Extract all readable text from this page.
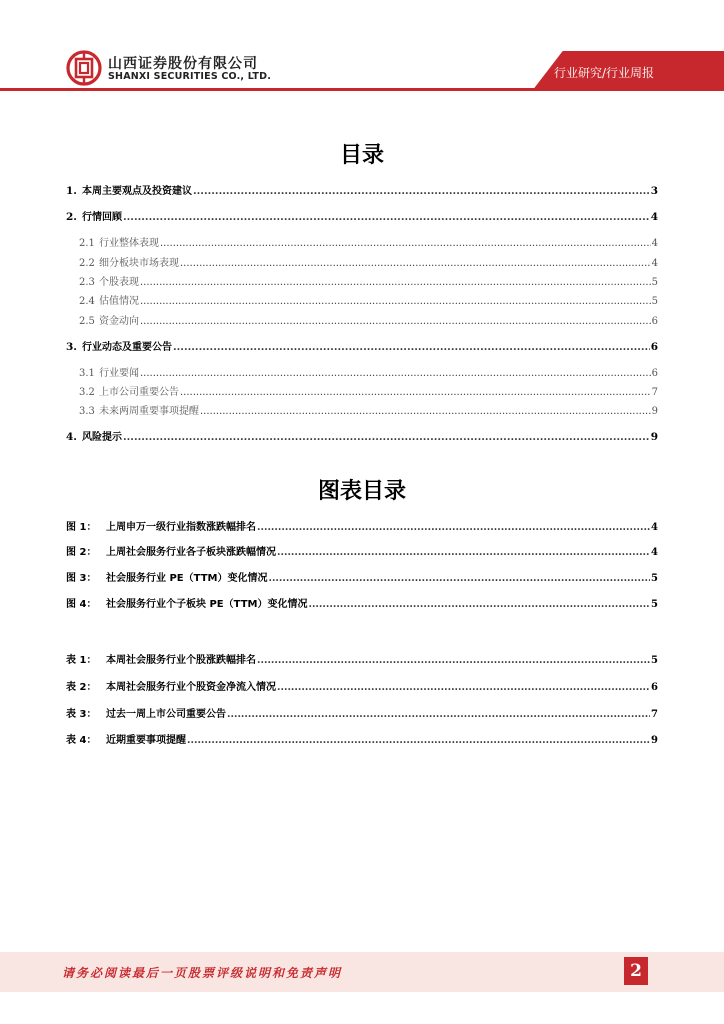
山西证券股份有限公司
SHANXI SECURITIES CO., LTD.	行业研究/行业周报
目录
1. 本周主要观点及投资建议 .....	3
2. 行情回顾 .....	4
2.1 行业整体表现 .....	4
2.2 细分板块市场表现 .....	4
2.3 个股表现 .....	5
2.4 估值情况 .....	5
2.5 资金动向 .....	6
3. 行业动态及重要公告 .....	6
3.1 行业要闻 .....	6
3.2 上市公司重要公告 .....	7
3.3 未来两周重要事项提醒 .....	9
4. 风险提示 .....	9
图表目录
图 1： 上周申万一级行业指数涨跌幅排名 .....	4
图 2： 上周社会服务行业各子板块涨跌幅情况 .....	4
图 3： 社会服务行业 PE（TTM）变化情况 .....	5
图 4： 社会服务行业个子板块 PE（TTM）变化情况 .....	5
表 1： 本周社会服务行业个股涨跌幅排名 .....	5
表 2： 本周社会服务行业个股资金净流入情况 .....	6
表 3： 过去一周上市公司重要公告 .....	7
表 4： 近期重要事项提醒 .....	9
请务必阅读最后一页股票评级说明和免责声明	2
